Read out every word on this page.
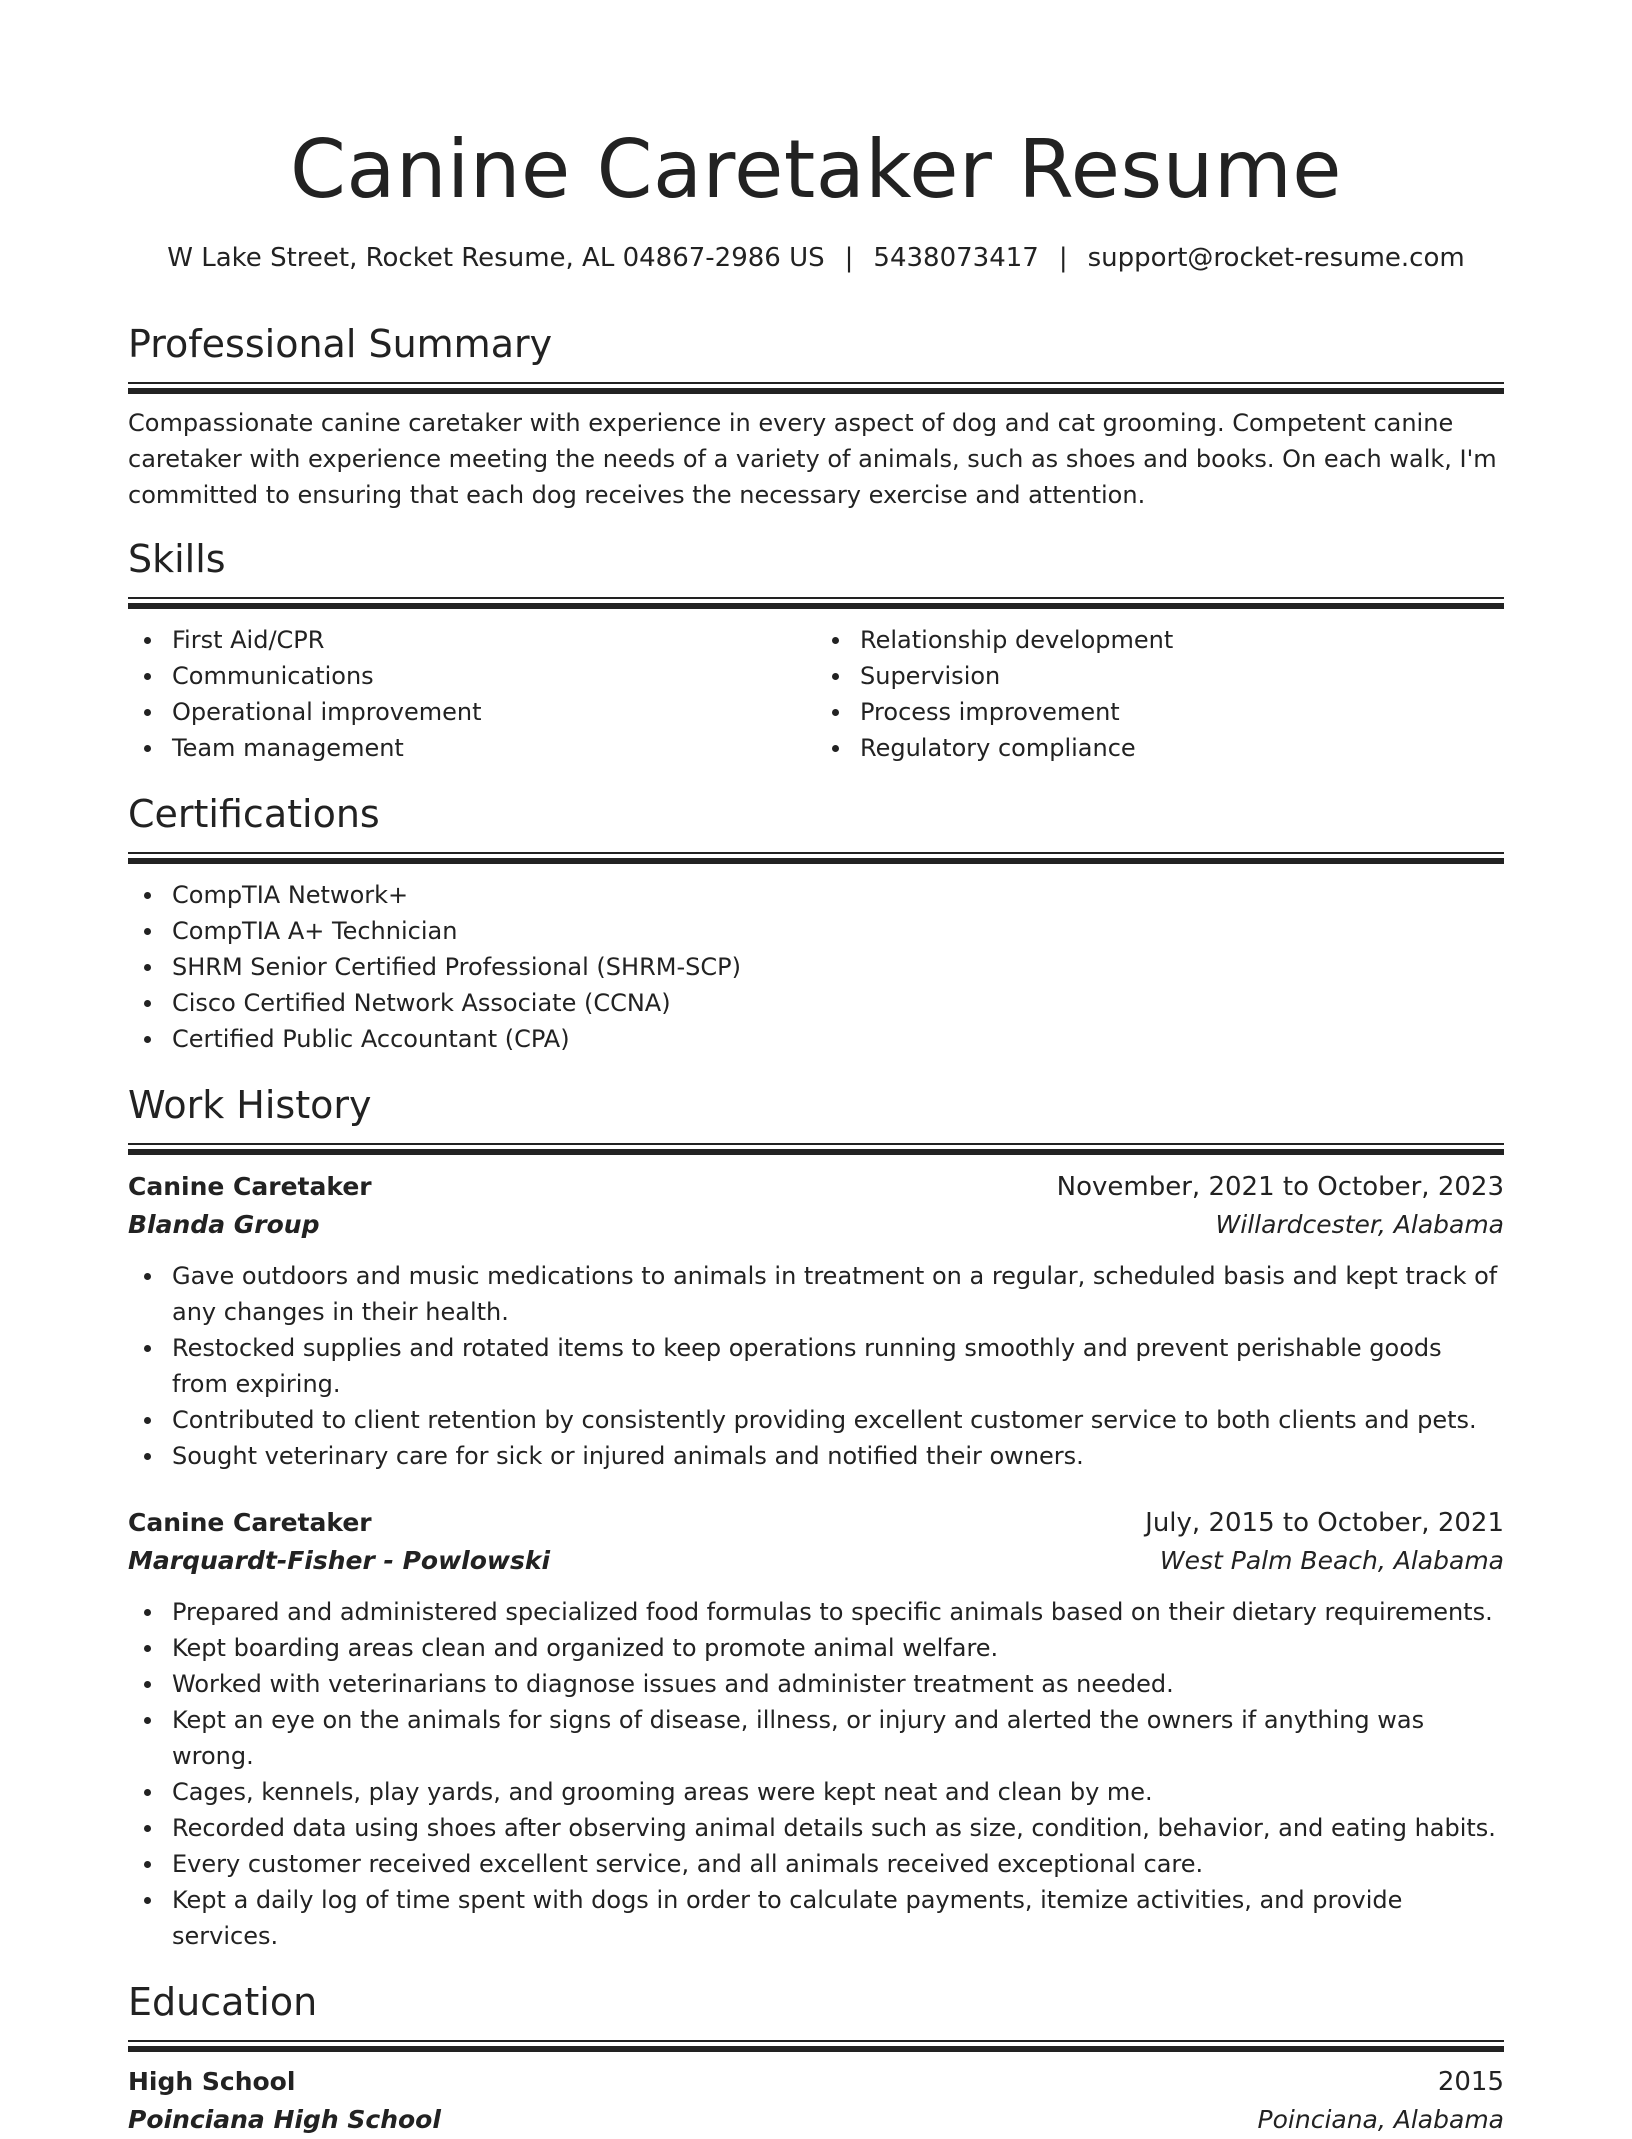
Canine Caretaker Resume
W Lake Street, Rocket Resume, AL 04867-2986 US | 5438073417 | support@rocket-resume.com
Professional Summary

Compassionate canine caretaker with experience in every aspect of dog and cat grooming. Competent canine caretaker with experience meeting the needs of a variety of animals, such as shoes and books. On each walk, I'm committed to ensuring that each dog receives the necessary exercise and attention.

Skills
First Aid/CPR
Communications
Operational improvement
Team management
Relationship development
Supervision
Process improvement
Regulatory compliance
Certifications
CompTIA Network+
CompTIA A+ Technician
SHRM Senior Certified Professional (SHRM-SCP)
Cisco Certified Network Associate (CCNA)
Certified Public Accountant (CPA)
Work History
Canine Caretaker	November, 2021 to October, 2023
Blanda Group	Willardcester, Alabama
Gave outdoors and music medications to animals in treatment on a regular, scheduled basis and kept track of any changes in their health.
Restocked supplies and rotated items to keep operations running smoothly and prevent perishable goods from expiring.
Contributed to client retention by consistently providing excellent customer service to both clients and pets.
Sought veterinary care for sick or injured animals and notified their owners.
Canine Caretaker	July, 2015 to October, 2021
Marquardt-Fisher - Powlowski	West Palm Beach, Alabama
Prepared and administered specialized food formulas to specific animals based on their dietary requirements.
Kept boarding areas clean and organized to promote animal welfare.
Worked with veterinarians to diagnose issues and administer treatment as needed.
Kept an eye on the animals for signs of disease, illness, or injury and alerted the owners if anything was wrong.
Cages, kennels, play yards, and grooming areas were kept neat and clean by me.
Recorded data using shoes after observing animal details such as size, condition, behavior, and eating habits.
Every customer received excellent service, and all animals received exceptional care.
Kept a daily log of time spent with dogs in order to calculate payments, itemize activities, and provide services.
Education
High School	2015
Poinciana High School	Poinciana, Alabama
